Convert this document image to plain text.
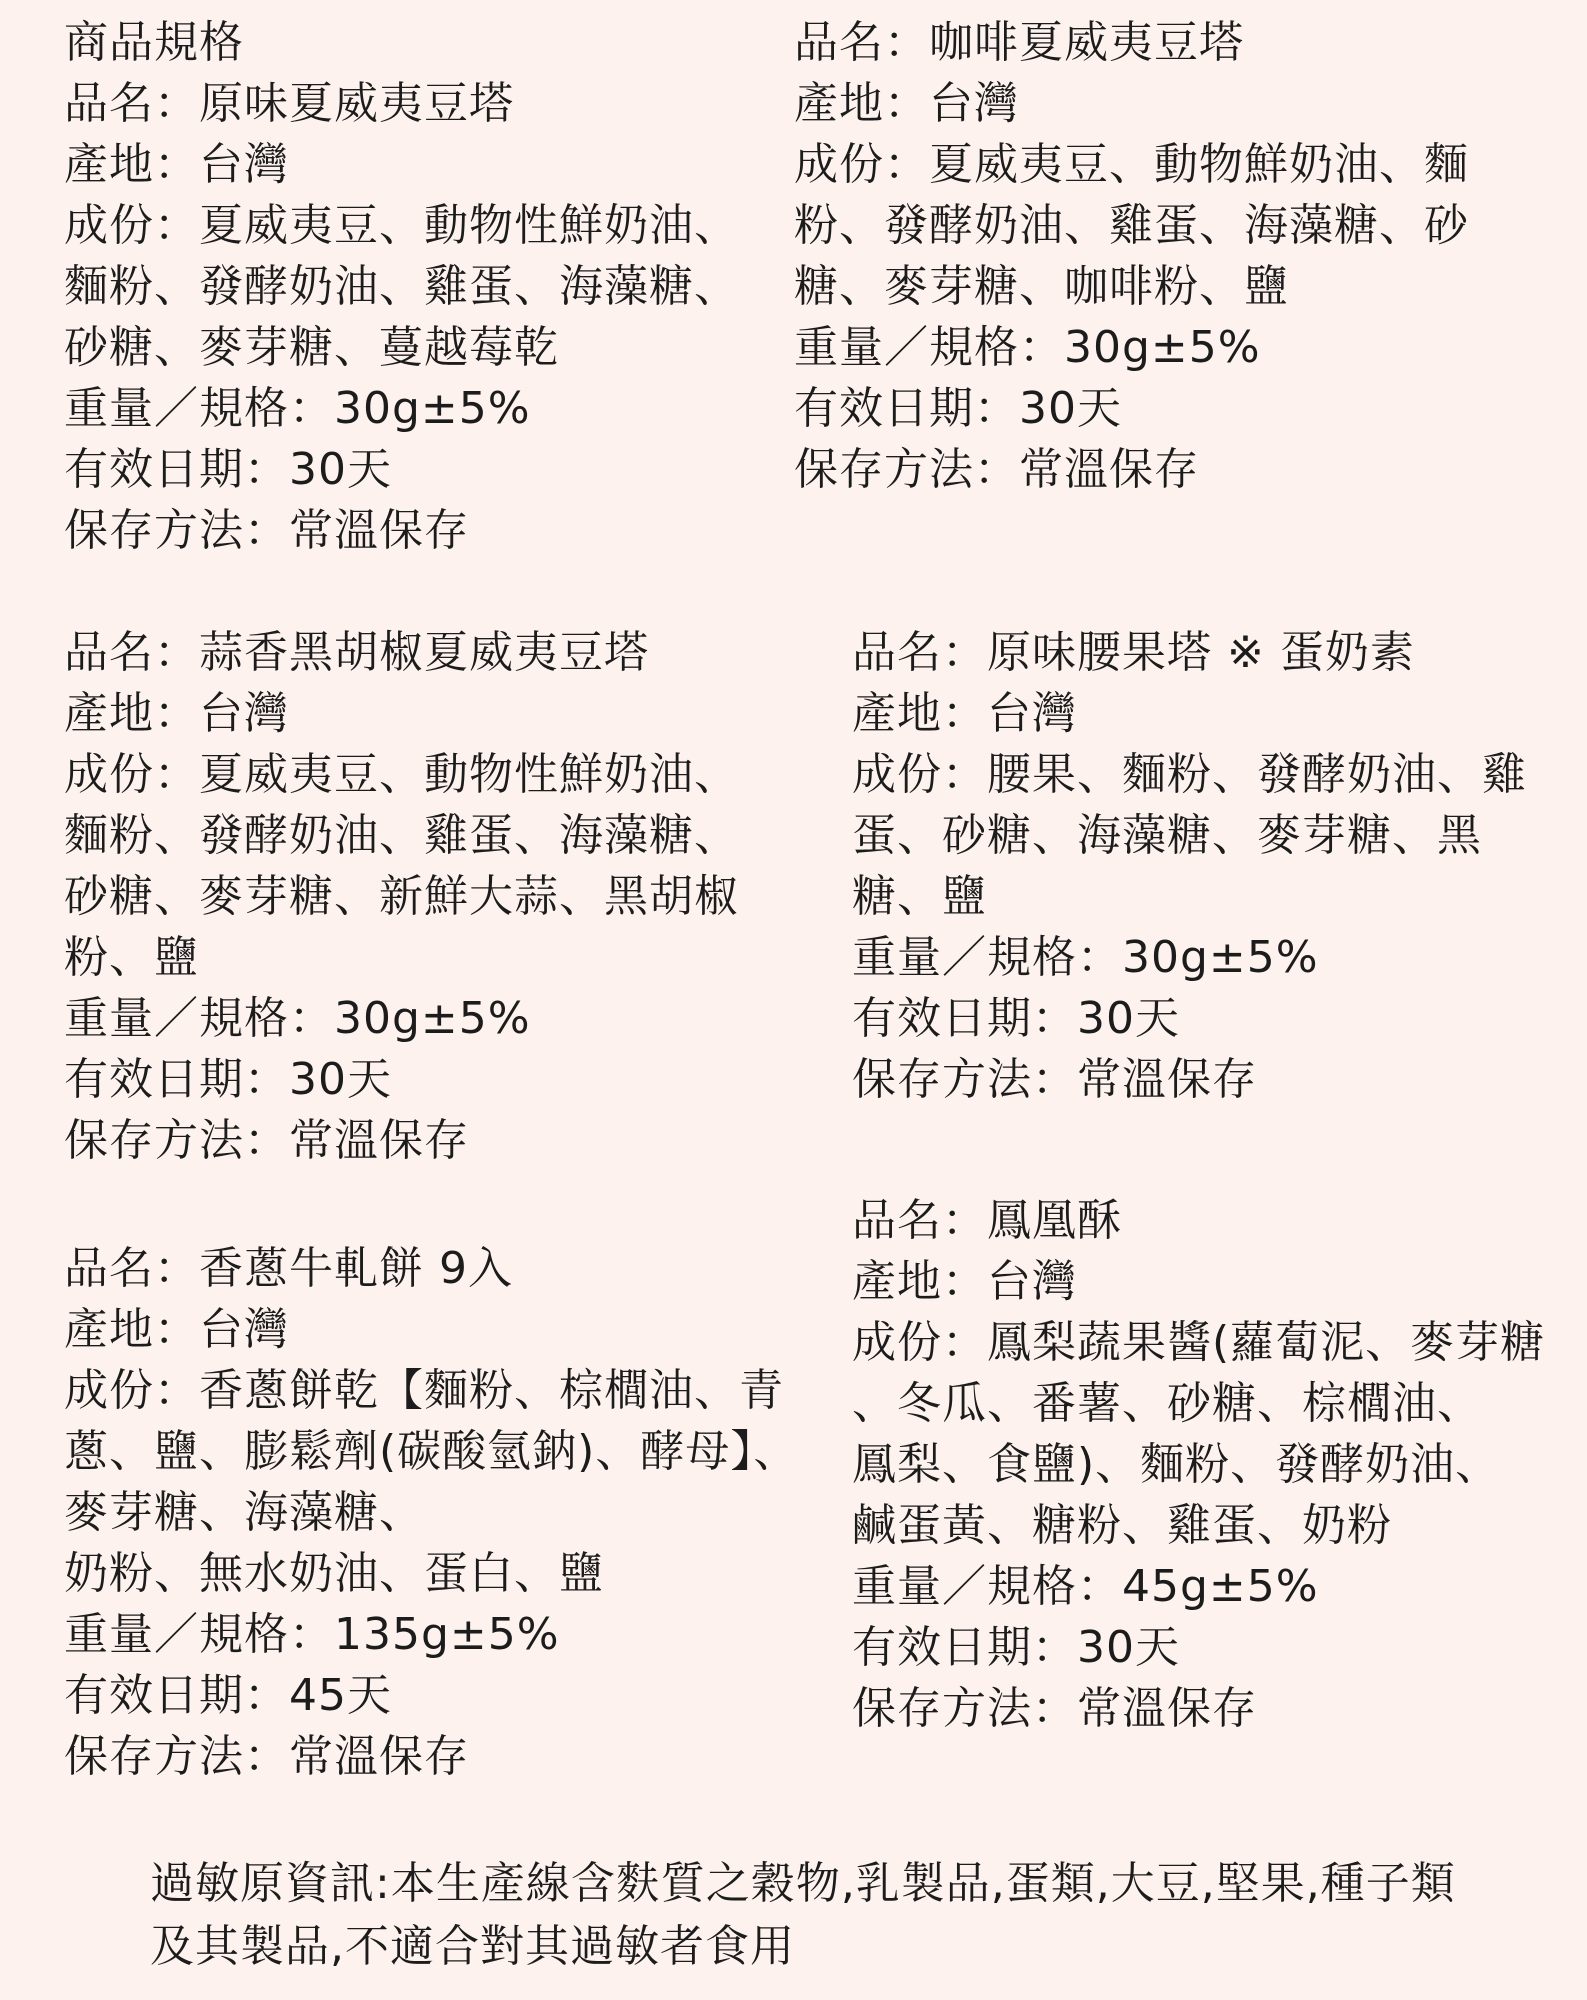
商品規格
品名：原味夏威夷豆塔
產地：台灣
成份：夏威夷豆、動物性鮮奶油、
麵粉、發酵奶油、雞蛋、海藻糖、
砂糖、麥芽糖、蔓越莓乾
重量／規格：30g±5%
有效日期：30天
保存方法：常溫保存
品名：咖啡夏威夷豆塔
產地：台灣
成份：夏威夷豆、動物鮮奶油、麵
粉、發酵奶油、雞蛋、海藻糖、砂
糖、麥芽糖、咖啡粉、鹽
重量／規格：30g±5%
有效日期：30天
保存方法：常溫保存
品名：蒜香黑胡椒夏威夷豆塔
產地：台灣
成份：夏威夷豆、動物性鮮奶油、
麵粉、發酵奶油、雞蛋、海藻糖、
砂糖、麥芽糖、新鮮大蒜、黑胡椒
粉、鹽
重量／規格：30g±5%
有效日期：30天
保存方法：常溫保存
品名：原味腰果塔 ※ 蛋奶素
產地：台灣
成份：腰果、麵粉、發酵奶油、雞
蛋、砂糖、海藻糖、麥芽糖、黑
糖、鹽
重量／規格：30g±5%
有效日期：30天
保存方法：常溫保存
品名：香蔥牛軋餅 9入
產地：台灣
成份：香蔥餅乾【麵粉、棕櫚油、青
蔥、鹽、膨鬆劑(碳酸氫鈉)、酵母】、
麥芽糖、海藻糖、
奶粉、無水奶油、蛋白、鹽
重量／規格：135g±5%
有效日期：45天
保存方法：常溫保存
品名：鳳凰酥
產地：台灣
成份：鳳梨蔬果醬(蘿蔔泥、麥芽糖
、冬瓜、番薯、砂糖、棕櫚油、
鳳梨、食鹽)、麵粉、發酵奶油、
鹹蛋黃、糖粉、雞蛋、奶粉
重量／規格：45g±5%
有效日期：30天
保存方法：常溫保存
過敏原資訊:本生產線含麩質之穀物,乳製品,蛋類,大豆,堅果,種子類
及其製品,不適合對其過敏者食用
